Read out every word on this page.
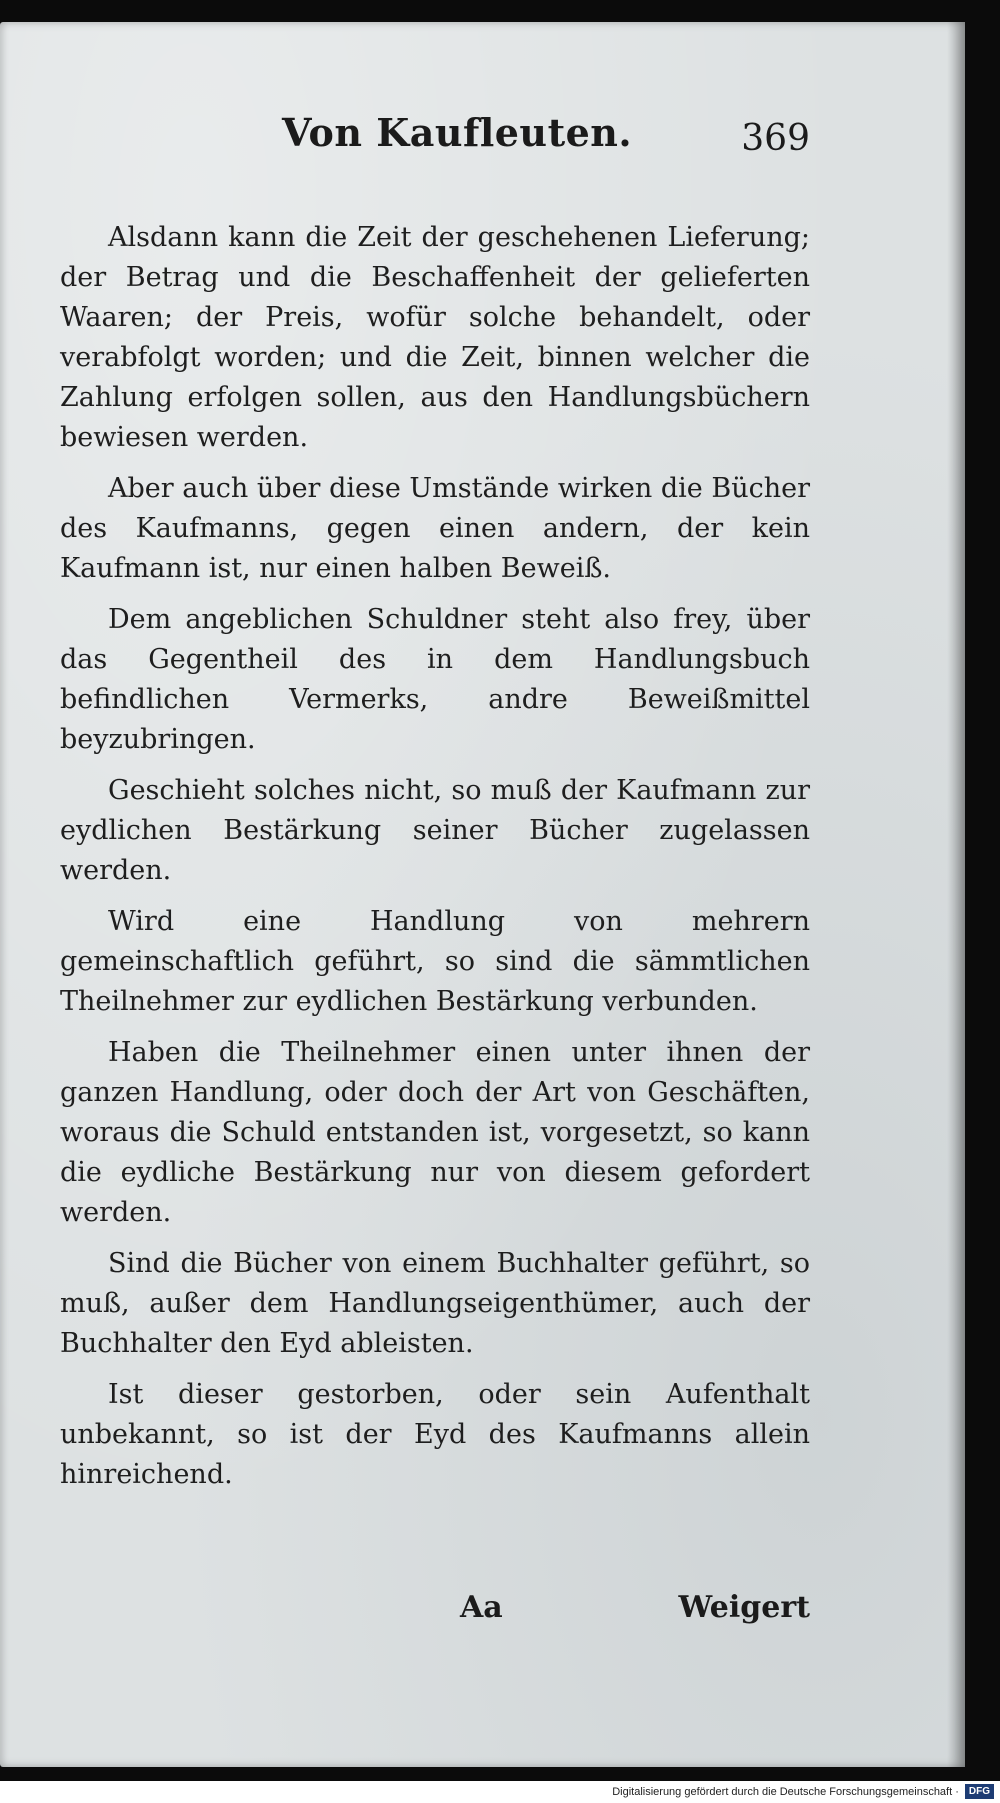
Von Kaufleuten.	369

Alsdann kann die Zeit der geschehenen Lieferung; der Betrag und die Beschaffenheit der gelieferten Waaren; der Preis, wofür solche behandelt, oder verabfolgt worden; und die Zeit, binnen welcher die Zahlung erfolgen sollen, aus den Handlungsbüchern bewiesen werden.

Aber auch über diese Umstände wirken die Bücher des Kaufmanns, gegen einen andern, der kein Kaufmann ist, nur einen halben Beweiß.

Dem angeblichen Schuldner steht also frey, über das Gegentheil des in dem Handlungsbuch befindlichen Vermerks, andre Beweißmittel beyzubringen.

Geschieht solches nicht, so muß der Kaufmann zur eydlichen Bestärkung seiner Bücher zugelassen werden.

Wird eine Handlung von mehrern gemeinschaftlich geführt, so sind die sämmtlichen Theilnehmer zur eydlichen Bestärkung verbunden.

Haben die Theilnehmer einen unter ihnen der ganzen Handlung, oder doch der Art von Geschäften, woraus die Schuld entstanden ist, vorgesetzt, so kann die eydliche Bestärkung nur von diesem gefordert werden.

Sind die Bücher von einem Buchhalter geführt, so muß, außer dem Handlungseigenthümer, auch der Buchhalter den Eyd ableisten.

Ist dieser gestorben, oder sein Aufenthalt unbekannt, so ist der Eyd des Kaufmanns allein hinreichend.

Aa	Weigert
Digitalisierung gefördert durch die Deutsche Forschungsgemeinschaft ·	DFG
